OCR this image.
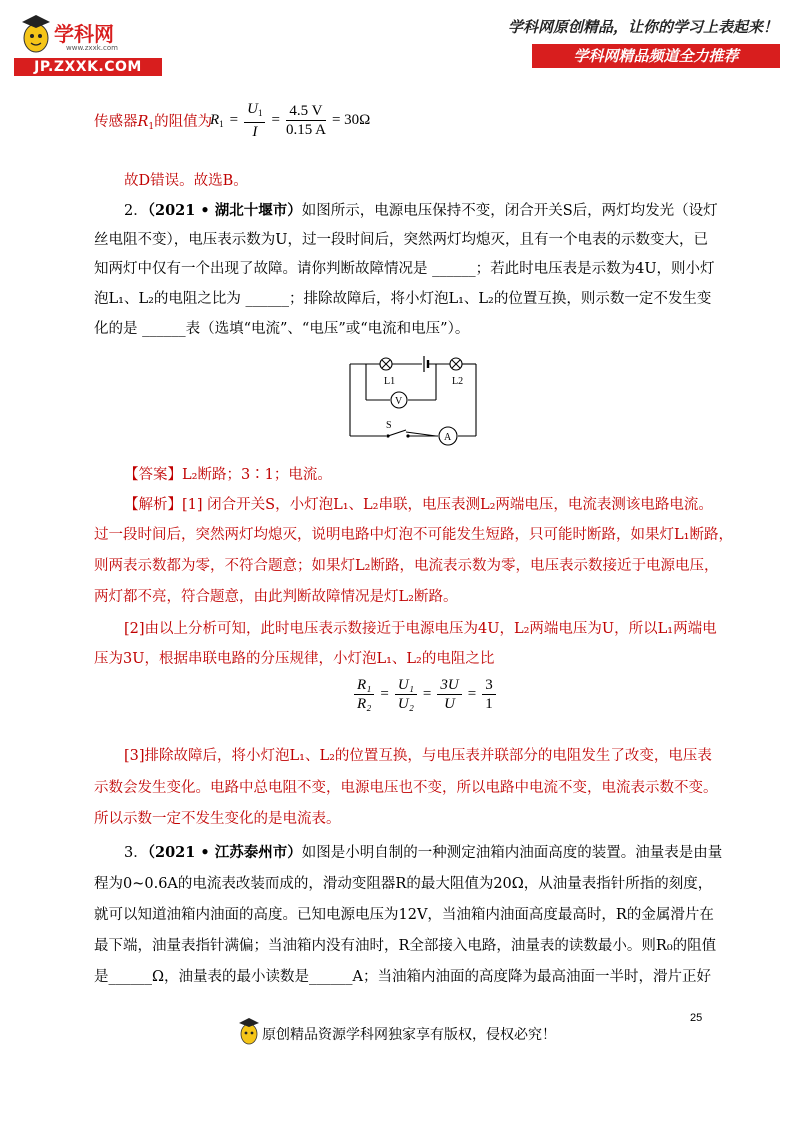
学科网
www.zxxk.com
JP.ZXXK.COM
学科网原创精品，让你的学习上表起来！
学科网精品频道全力推荐
传感器$R_1$的阻值为
$R_1 = \frac{U_1}{I} = \frac{4.5 V}{0.15 A} = 30\Omega$
故D错误。故选B。
2．（2021 • 湖北十堰市）如图所示，电源电压保持不变，闭合开关S后，两灯均发光（设灯
丝电阻不变），电压表示数为U，过一段时间后，突然两灯均熄灭，且有一个电表的示数变大，已
知两灯中仅有一个出现了故障。请你判断故障情况是 ______；若此时电压表是示数为4U，则小灯
泡L₁、L₂的电阻之比为 ______；排除故障后，将小灯泡L₁、L₂的位置互换，则示数一定不发生变
化的是 ______表（选填“电流”、“电压”或“电流和电压”）。
L1	L2
V
S
A
【答案】L₂断路；3∶1；电流。
【解析】[1] 闭合开关S，小灯泡L₁、L₂串联，电压表测L₂两端电压，电流表测该电路电流。
过一段时间后，突然两灯均熄灭，说明电路中灯泡不可能发生短路，只可能时断路，如果灯L₁断路，
则两表示数都为零，不符合题意；如果灯L₂断路，电流表示数为零，电压表示数接近于电源电压，
两灯都不亮，符合题意，由此判断故障情况是灯L₂断路。
[2]由以上分析可知，此时电压表示数接近于电源电压为4U，L₂两端电压为U，所以L₁两端电
压为3U，根据串联电路的分压规律，小灯泡L₁、L₂的电阻之比
$\frac{\text{R₁}}{\text{R₂}} = \frac{\text{U₁}}{\text{U₂}} = \frac{3U}{U} = \frac{3}{1}$
[3]排除故障后，将小灯泡L₁、L₂的位置互换，与电压表并联部分的电阻发生了改变，电压表
示数会发生变化。电路中总电阻不变，电源电压也不变，所以电路中电流不变，电流表示数不变。
所以示数一定不发生变化的是电流表。
3．（2021 • 江苏泰州市）如图是小明自制的一种测定油箱内油面高度的装置。油量表是由量
程为0~0.6A的电流表改装而成的，滑动变阻器R的最大阻值为20Ω，从油量表指针所指的刻度，
就可以知道油箱内油面的高度。已知电源电压为12V，当油箱内油面高度最高时，R的金属滑片在
最下端，油量表指针满偏；当油箱内没有油时，R全部接入电路，油量表的读数最小。则R₀的阻值
是______Ω，油量表的最小读数是______A；当油箱内油面的高度降为最高油面一半时，滑片正好
25
原创精品资源学科网独家享有版权，侵权必究！
